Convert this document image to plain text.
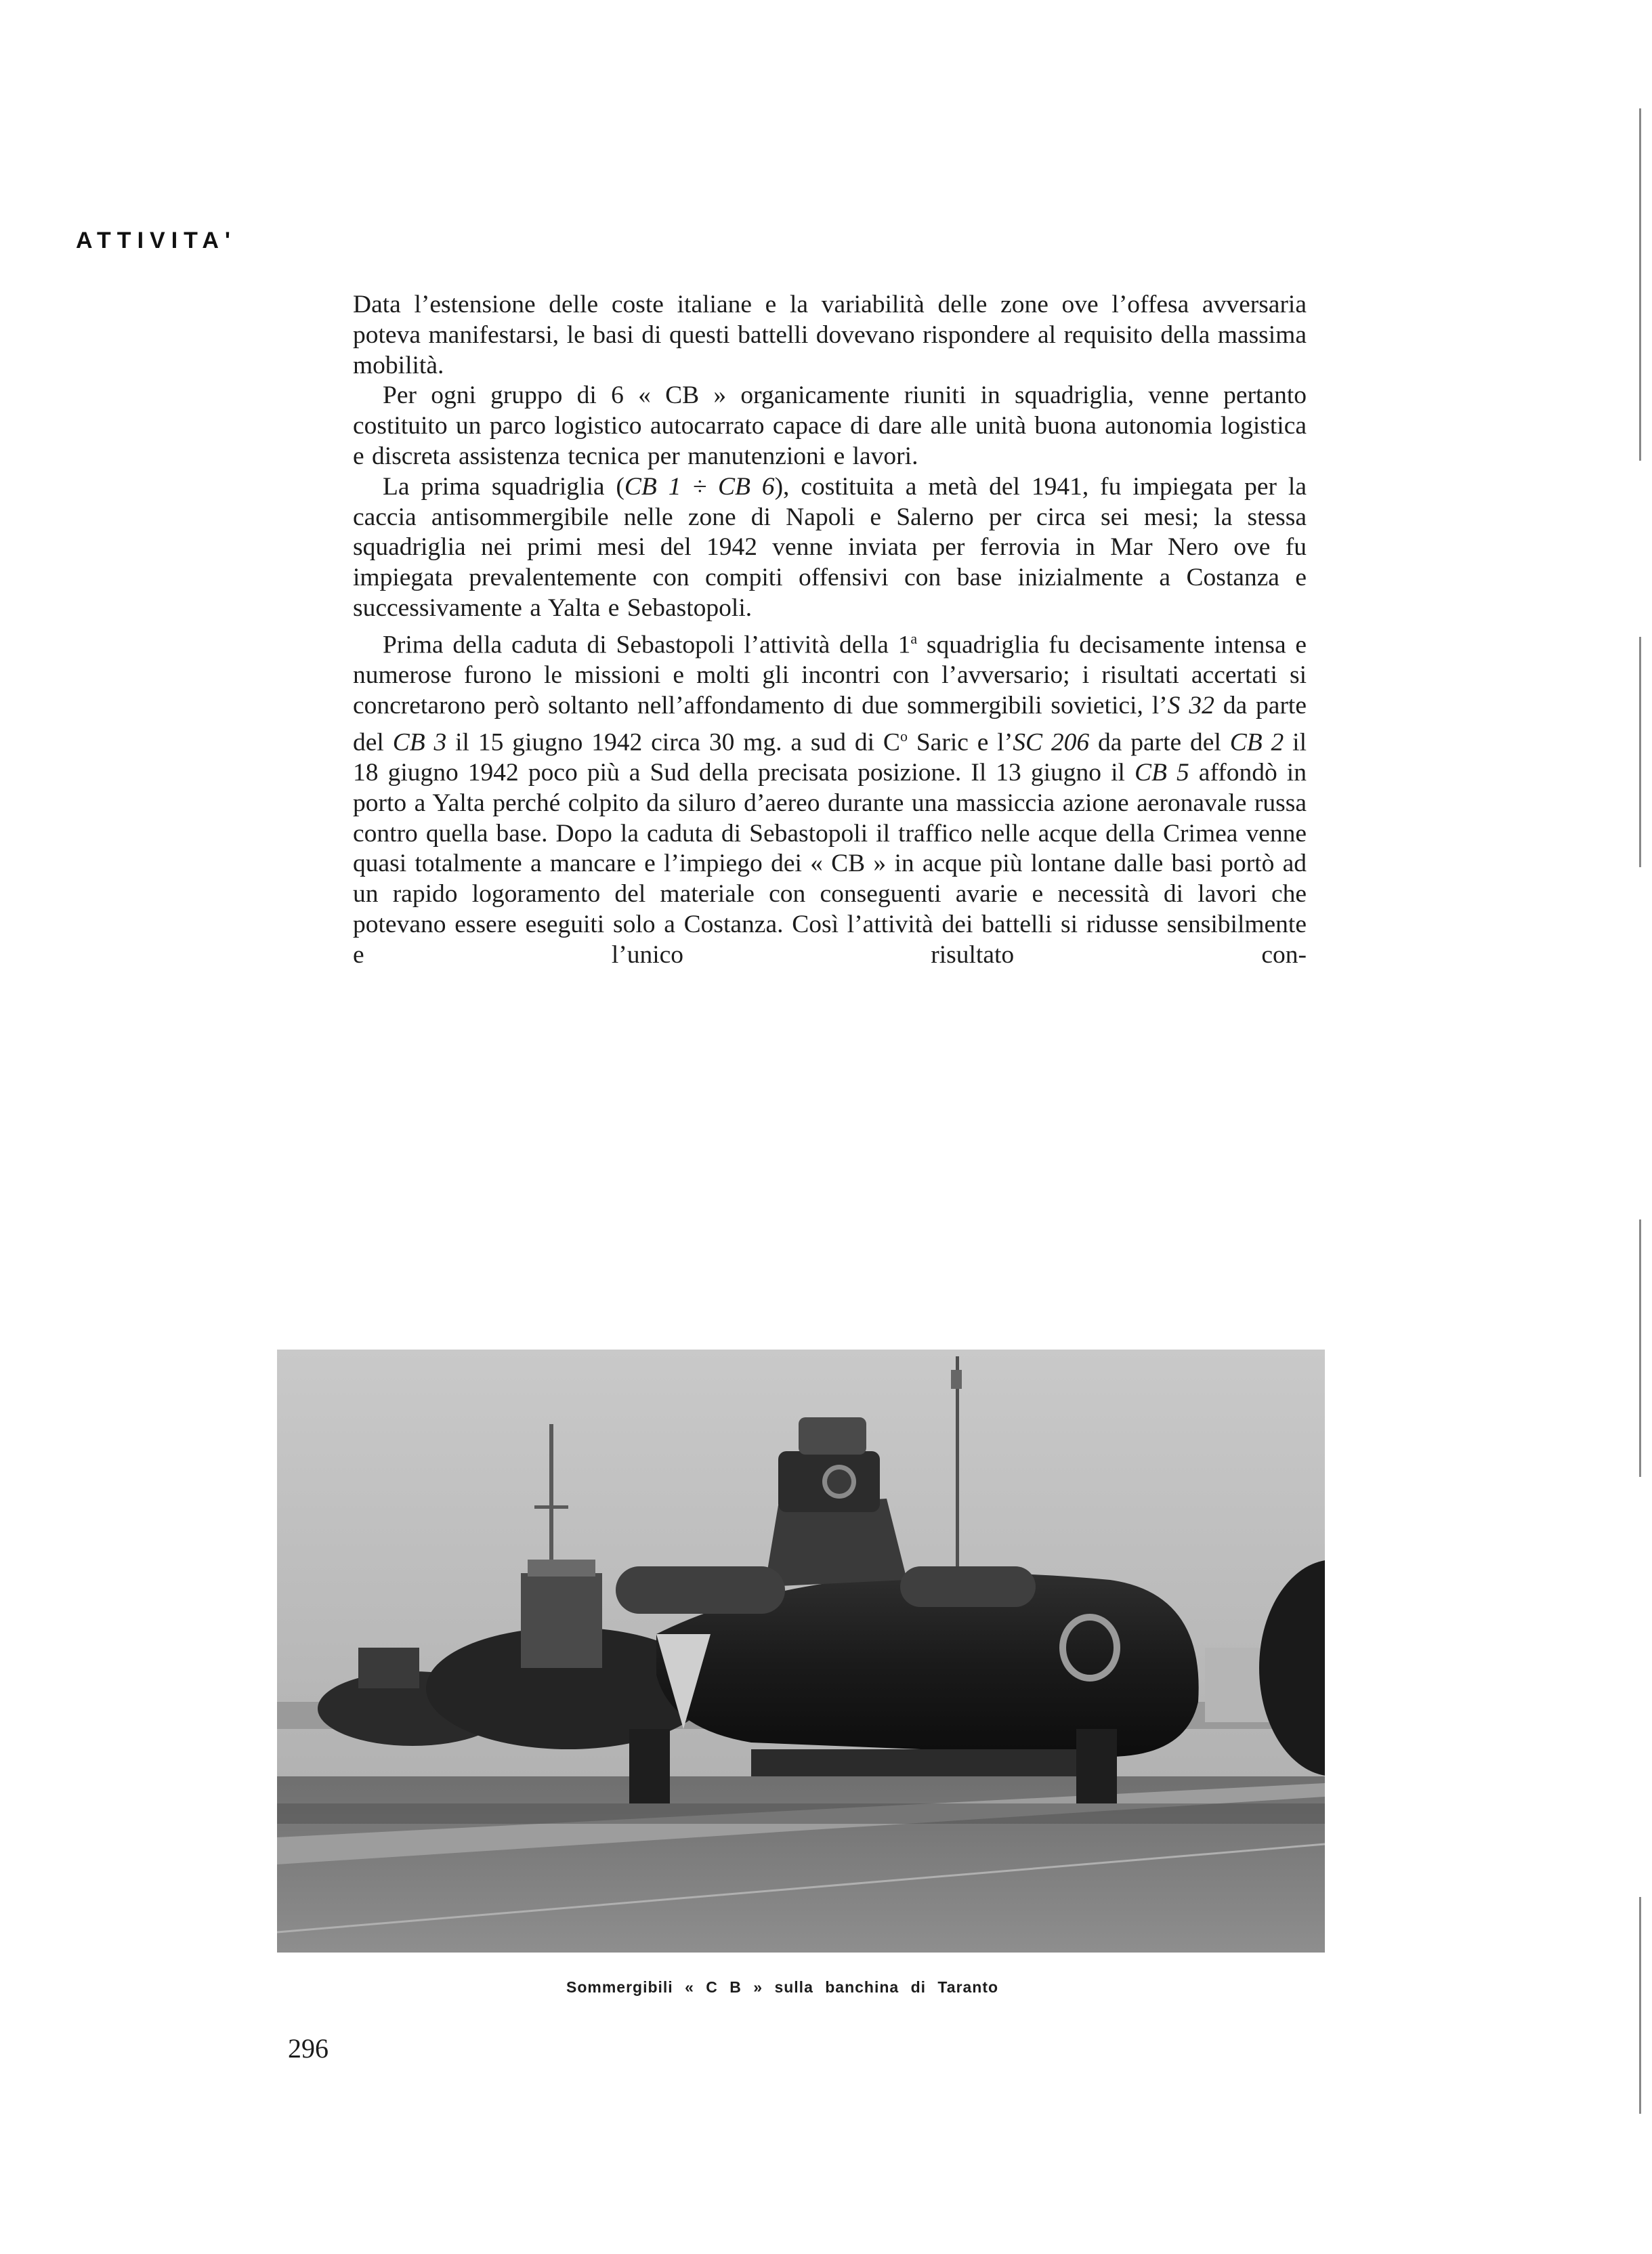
ATTIVITA'

Data l’estensione delle coste italiane e la variabilità delle zone ove l’offesa avversaria poteva manifestarsi, le basi di questi battelli dovevano rispondere al requisito della massima mobilità.

Per ogni gruppo di 6 « CB » organicamente riuniti in squadriglia, venne pertanto costituito un parco logistico autocarrato capace di dare alle unità buona autonomia logistica e discreta assistenza tecnica per manutenzioni e lavori.

La prima squadriglia (CB 1 ÷ CB 6), costituita a metà del 1941, fu impiegata per la caccia antisommergibile nelle zone di Napoli e Salerno per circa sei mesi; la stessa squadriglia nei primi mesi del 1942 venne inviata per ferrovia in Mar Nero ove fu impiegata prevalentemente con compiti offensivi con base inizialmente a Costanza e successivamente a Yalta e Sebastopoli.

Prima della caduta di Sebastopoli l’attività della 1$^a$ squadriglia fu decisamente intensa e numerose furono le missioni e molti gli incontri con l’avversario; i risultati accertati si concretarono però soltanto nell’affondamento di due sommergibili sovietici, l’S 32 da parte del CB 3 il 15 giugno 1942 circa 30 mg. a sud di $C^o$ Saric e l’SC 206 da parte del CB 2 il 18 giugno 1942 poco più a Sud della precisata posizione. Il 13 giugno il CB 5 affondò in porto a Yalta perché colpito da siluro d’aereo durante una massiccia azione aeronavale russa contro quella base. Dopo la caduta di Sebastopoli il traffico nelle acque della Crimea venne quasi totalmente a mancare e l’impiego dei « CB » in acque più lontane dalle basi portò ad un rapido logoramento del materiale con conseguenti avarie e necessità di lavori che potevano essere eseguiti solo a Costanza. Così l’attività dei battelli si ridusse sensibilmente e l’unico risultato con-

Sommergibili « C B » sulla banchina di Taranto
296
